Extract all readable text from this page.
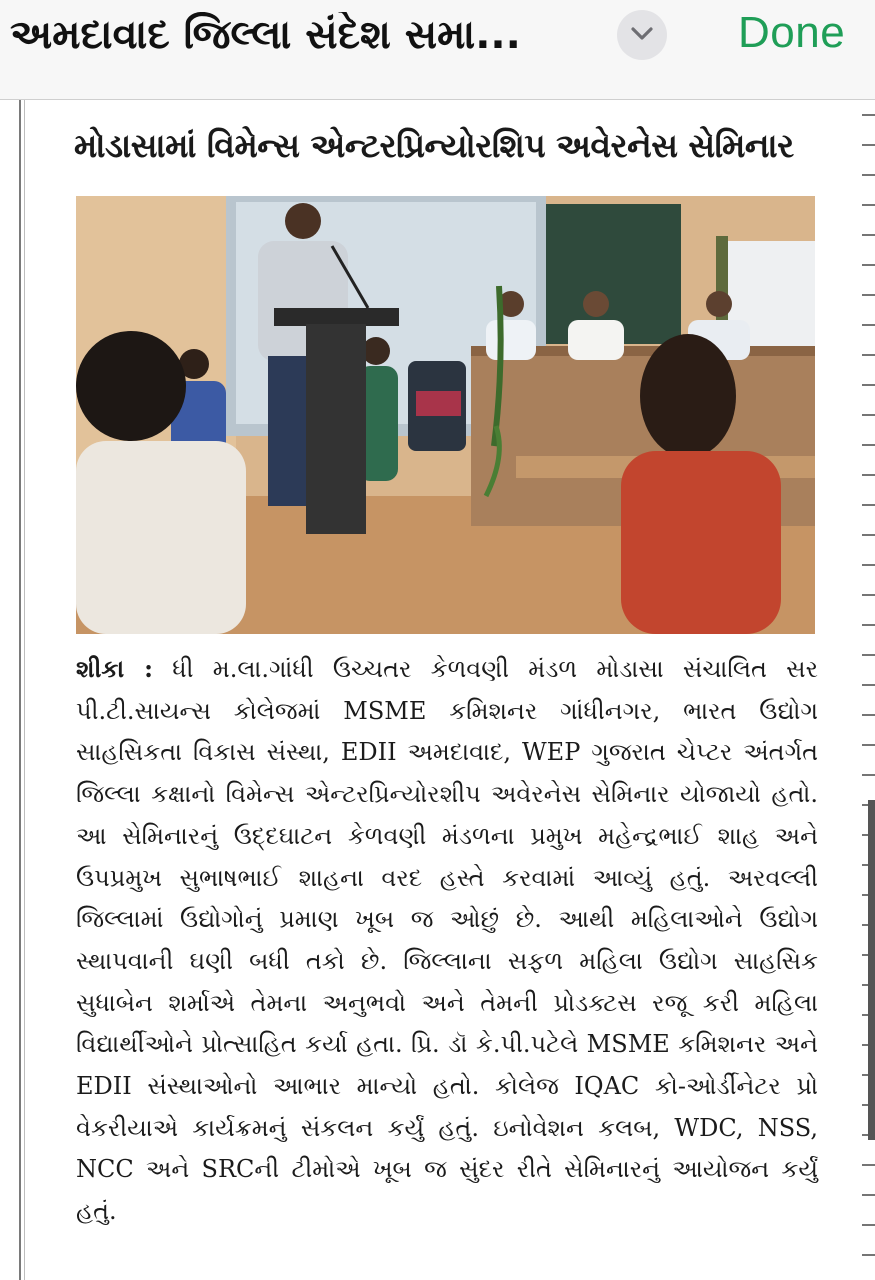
અમદાવાદ જિલ્લા સંદેશ સમા...	Done
મોડાસામાં વિમેન્સ એન્ટરપ્રિન્યોરશિપ અવેરનેસ સેમિનાર
શીકા : ધી મ.લા.ગાંધી ઉચ્ચતર કેળવણી મંડળ મોડાસા સંચાલિત સર પી.ટી.સાયન્સ કોલેજમાં MSME કમિશનર ગાંધીનગર, ભારત ઉદ્યોગ સાહસિકતા વિકાસ સંસ્થા, EDII અમદાવાદ, WEP ગુજરાત ચેપ્ટર અંતર્ગત જિલ્લા કક્ષાનો વિમેન્સ એન્ટરપ્રિન્યોરશીપ અવેરનેસ સેમિનાર યોજાયો હતો. આ સેમિનારનું ઉદ્દઘાટન કેળવણી મંડળના પ્રમુખ મહેન્દ્રભાઈ શાહ અને ઉપપ્રમુખ સુભાષભાઈ શાહના વરદ હસ્તે કરવામાં આવ્યું હતું. અરવલ્લી જિલ્લામાં ઉદ્યોગોનું પ્રમાણ ખૂબ જ ઓછું છે. આથી મહિલાઓને ઉદ્યોગ સ્થાપવાની ઘણી બધી તકો છે. જિલ્લાના સફળ મહિલા ઉદ્યોગ સાહસિક સુધાબેન શર્માએ તેમના અનુભવો અને તેમની પ્રોડક્ટસ રજૂ કરી મહિલા વિદ્યાર્થીઓને પ્રોત્સાહિત કર્યા હતા. પ્રિ. ડૉ કે.પી.પટેલે MSME કમિશનર અને EDII સંસ્થાઓનો આભાર માન્યો હતો. કોલેજ IQAC કો-ઓર્ડીનેટર પ્રો વેકરીયાએ કાર્યક્રમનું સંકલન કર્યું હતું. ઇનોવેશન કલબ, WDC, NSS, NCC અને SRCની ટીમોએ ખૂબ જ સુંદર રીતે સેમિનારનું આયોજન કર્યું હતું.
